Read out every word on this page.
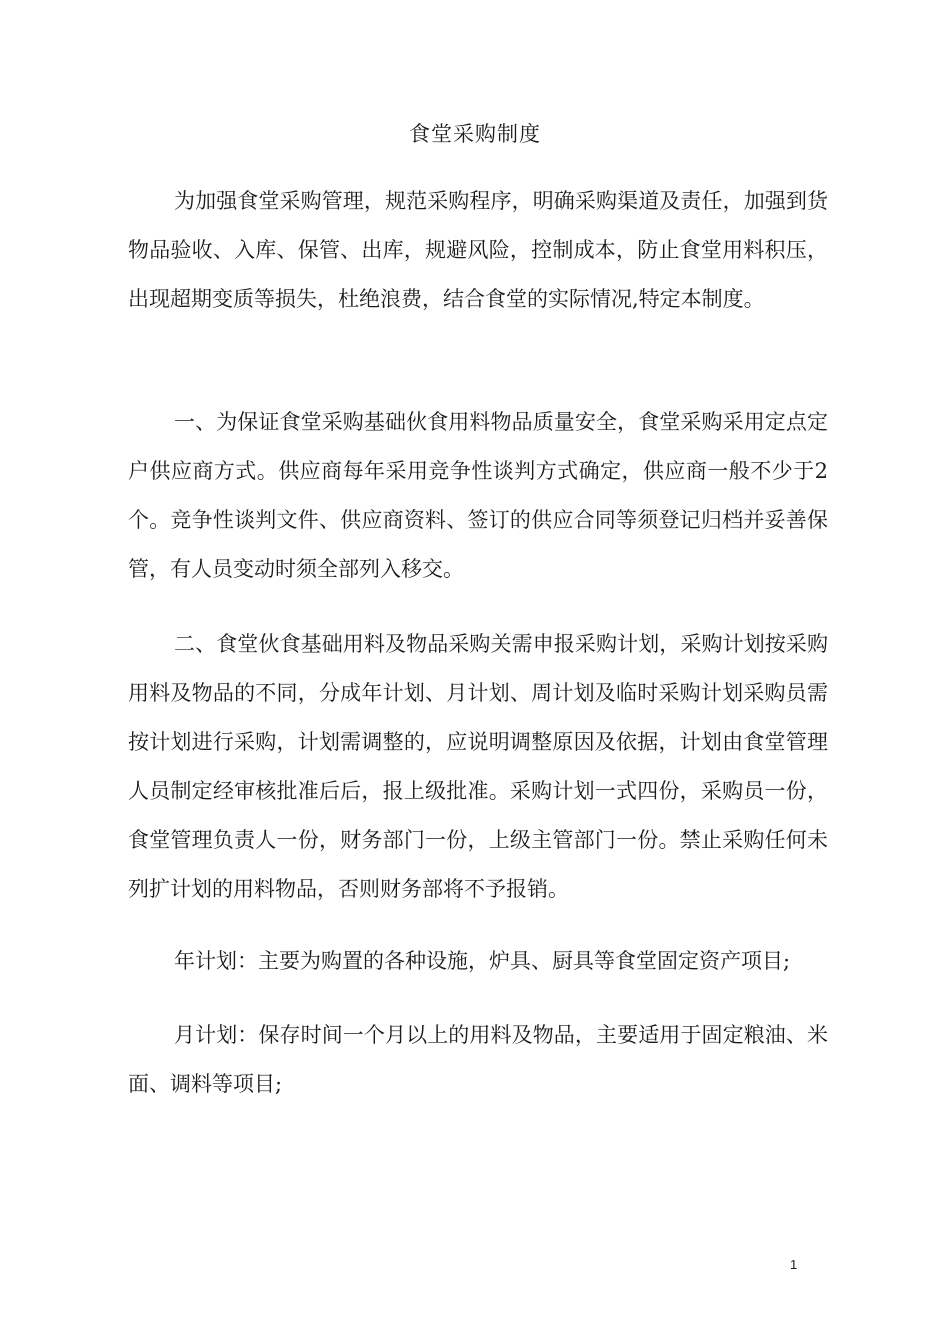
食堂采购制度

为加强食堂采购管理，规范采购程序，明确采购渠道及责任，加强到货物品验收、入库、保管、出库，规避风险，控制成本，防止食堂用料积压，出现超期变质等损失，杜绝浪费，结合食堂的实际情况,特定本制度。

一、为保证食堂采购基础伙食用料物品质量安全，食堂采购采用定点定户供应商方式。供应商每年采用竞争性谈判方式确定，供应商一般不少于2个。竞争性谈判文件、供应商资料、签订的供应合同等须登记归档并妥善保管，有人员变动时须全部列入移交。

二、食堂伙食基础用料及物品采购关需申报采购计划，采购计划按采购用料及物品的不同，分成年计划、月计划、周计划及临时采购计划采购员需按计划进行采购，计划需调整的，应说明调整原因及依据，计划由食堂管理人员制定经审核批准后后，报上级批准。采购计划一式四份，采购员一份，食堂管理负责人一份，财务部门一份，上级主管部门一份。禁止采购任何未列扩计划的用料物品，否则财务部将不予报销。

年计划：主要为购置的各种设施，炉具、厨具等食堂固定资产项目;

月计划：保存时间一个月以上的用料及物品，主要适用于固定粮油、米面、调料等项目;

1
